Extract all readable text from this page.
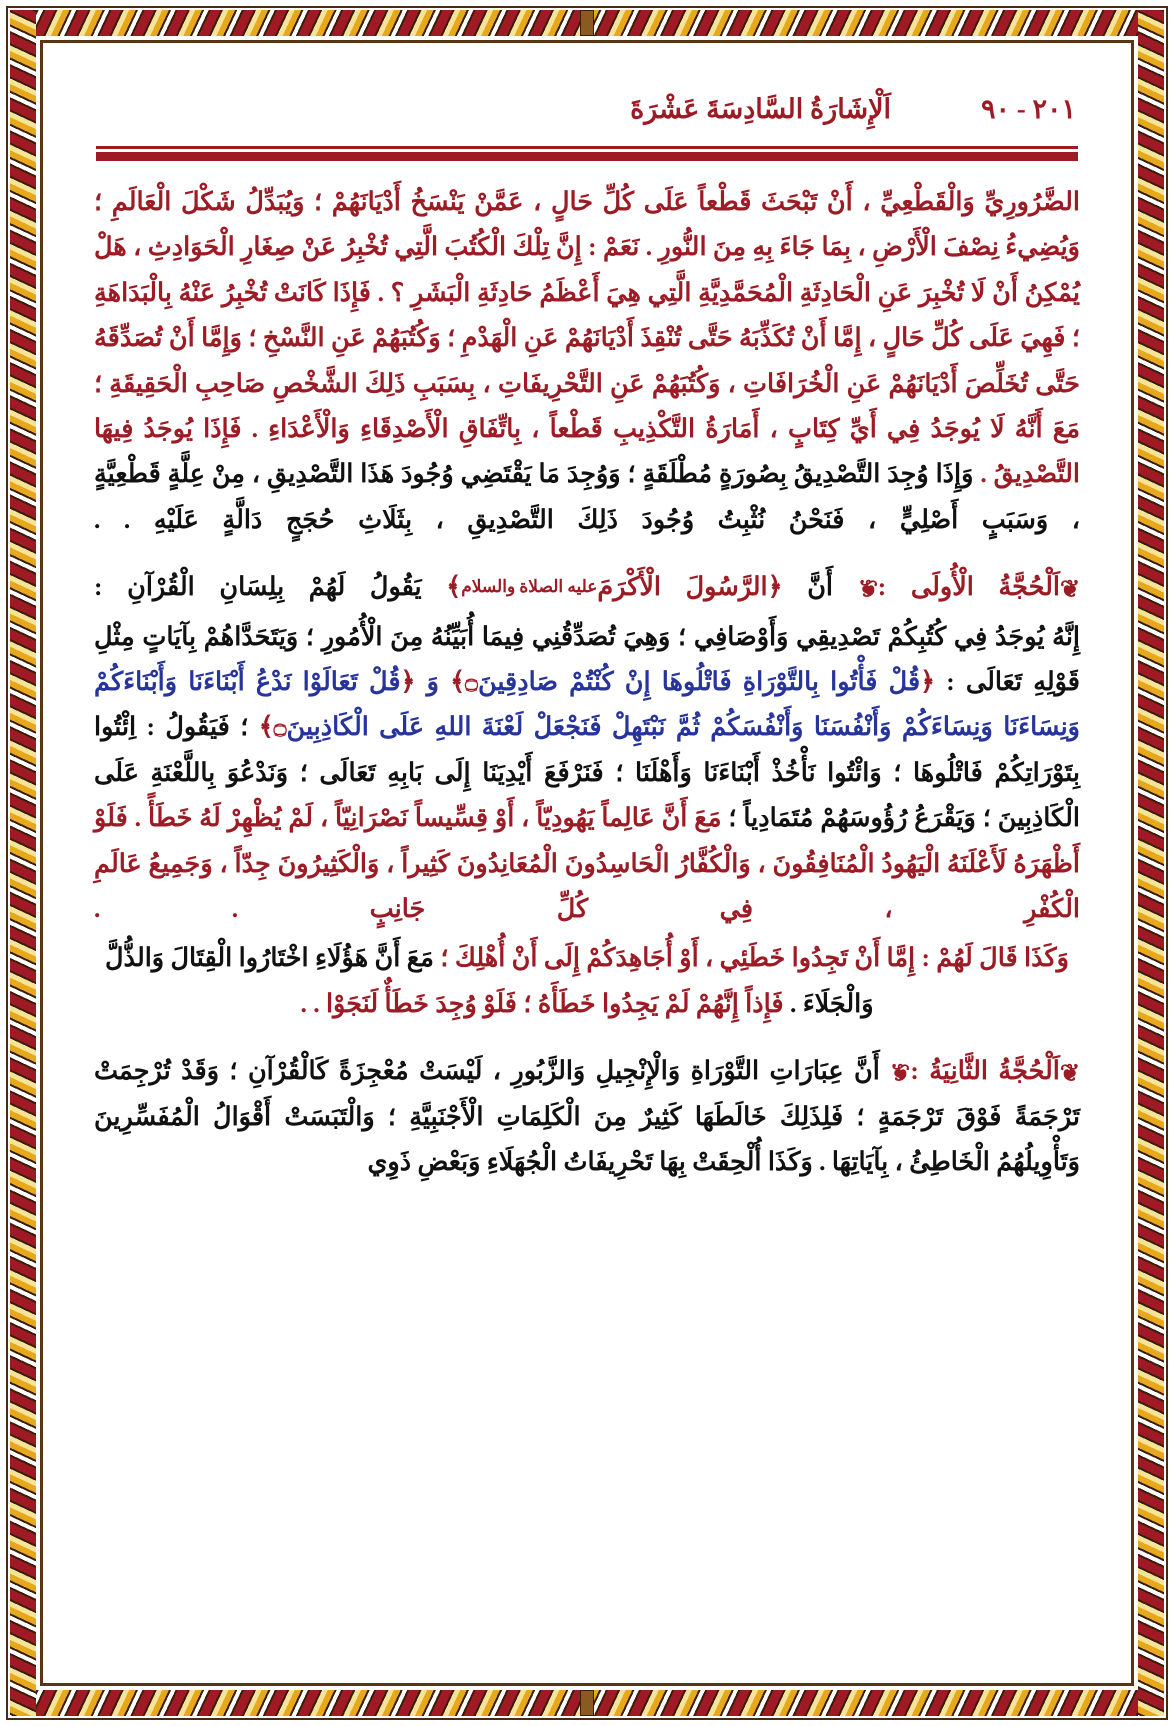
٢٠١ - ٩٠
اَلْإِشَارَةُ السَّادِسَةَ عَشْرَةَ

الضَّرُورِيِّ وَالْقَطْعِيِّ ، أَنْ تَبْحَثَ قَطْعاً عَلَى كُلِّ حَالٍ ، عَمَّنْ يَنْسَخُ أَدْيَانَهُمْ ؛ وَيُبَدِّلُ شَكْلَ الْعَالَمِ ؛ وَيُضِيءُ نِصْفَ الْأَرْضِ ، بِمَا جَاءَ بِهِ مِنَ النُّورِ . نَعَمْ : إِنَّ تِلْكَ الْكُتُبَ الَّتِي تُخْبِرُ عَنْ صِغَارِ الْحَوَادِثِ ، هَلْ يُمْكِنُ أَنْ لَا تُخْبِرَ عَنِ الْحَادِثَةِ الْمُحَمَّدِيَّةِ الَّتِي هِيَ أَعْظَمُ حَادِثَةِ الْبَشَرِ ؟ . فَإِذَا كَانَتْ تُخْبِرُ عَنْهُ بِالْبَدَاهَةِ ؛ فَهِيَ عَلَى كُلِّ حَالٍ ، إِمَّا أَنْ تُكَذِّبَهُ حَتَّى تُنْقِذَ أَدْيَانَهُمْ عَنِ الْهَدْمِ ؛ وَكُتُبَهُمْ عَنِ النَّسْخِ ؛ وَإِمَّا أَنْ تُصَدِّقَهُ حَتَّى تُخَلِّصَ أَدْيَانَهُمْ عَنِ الْخُرَافَاتِ ، وَكُتُبَهُمْ عَنِ التَّحْرِيفَاتِ ، بِسَبَبِ ذَلِكَ الشَّخْصِ صَاحِبِ الْحَقِيقَةِ ؛ مَعَ أَنَّهُ لَا يُوجَدُ فِي أَيِّ كِتَابٍ ، أَمَارَةُ التَّكْذِيبِ قَطْعاً ، بِاتِّفَاقِ الْأَصْدِقَاءِ وَالْأَعْدَاءِ . فَإِذَا يُوجَدُ فِيهَا التَّصْدِيقُ . وَإِذَا وُجِدَ التَّصْدِيقُ بِصُورَةٍ مُطْلَقَةٍ ؛ وَوُجِدَ مَا يَقْتَضِي وُجُودَ هَذَا التَّصْدِيقِ ، مِنْ عِلَّةٍ قَطْعِيَّةٍ ، وَسَبَبٍ أَصْلِيٍّ ، فَنَحْنُ نُثْبِتُ وُجُودَ ذَلِكَ التَّصْدِيقِ ، بِثَلَاثِ حُجَجٍ دَالَّةٍ عَلَيْهِ . .

❦اَلْحُجَّةُ الْأُولَى :❦ أَنَّ ﴿الرَّسُولَ الْأَكْرَمَعليه الصلاة والسلام﴾ يَقُولُ لَهُمْ بِلِسَانِ الْقُرْآنِ :

إِنَّهُ يُوجَدُ فِي كُتُبِكُمْ تَصْدِيقِي وَأَوْصَافِي ؛ وَهِيَ تُصَدِّقُنِي فِيمَا أُبَيِّنُهُ مِنَ الْأُمُورِ ؛ وَيَتَحَدَّاهُمْ بِآيَاتٍ مِثْلِ قَوْلِهِ تَعَالَى : ﴿قُلْ فَأْتُوا بِالتَّوْرَاةِ فَاتْلُوهَا إِنْ كُنْتُمْ صَادِقِينَ۝﴾ وَ ﴿قُلْ تَعَالَوْا نَدْعُ أَبْنَاءَنَا وَأَبْنَاءَكُمْ وَنِسَاءَنَا وَنِسَاءَكُمْ وَأَنْفُسَنَا وَأَنْفُسَكُمْ ثُمَّ نَبْتَهِلْ فَنَجْعَلْ لَعْنَةَ اللهِ عَلَى الْكَاذِبِينَ۝﴾ ؛ فَيَقُولُ : اِئْتُوا بِتَوْرَاتِكُمْ فَاتْلُوهَا ؛ وَائْتُوا نَأْخُذْ أَبْنَاءَنَا وَأَهْلَنَا ؛ فَنَرْفَعَ أَيْدِيَنَا إِلَى بَابِهِ تَعَالَى ؛ وَنَدْعُوَ بِاللَّعْنَةِ عَلَى الْكَاذِبِينَ ؛ وَيَقْرَعُ رُؤُوسَهُمْ مُتَمَادِياً ؛ مَعَ أَنَّ عَالِماً يَهُودِيّاً ، أَوْ قِسِّيساً نَصْرَانِيّاً ، لَمْ يُظْهِرْ لَهُ خَطَأً . فَلَوْ أَظْهَرَهُ لَأَعْلَنَهُ الْيَهُودُ الْمُنَافِقُونَ ، وَالْكُفَّارُ الْحَاسِدُونَ الْمُعَانِدُونَ كَثِيراً ، وَالْكَثِيرُونَ جِدّاً ، وَجَمِيعُ عَالَمِ الْكُفْرِ ، فِي كُلِّ جَانِبٍ . .

وَكَذَا قَالَ لَهُمْ : إِمَّا أَنْ تَجِدُوا خَطَئِي ، أَوْ أُجَاهِدَكُمْ إِلَى أَنْ أُهْلِكَ ؛ مَعَ أَنَّ هَؤُلَاءِ اخْتَارُوا الْقِتَالَ وَالذُّلَّ وَالْجَلَاءَ . فَإِذاً إِنَّهُمْ لَمْ يَجِدُوا خَطَأَهُ ؛ فَلَوْ وُجِدَ خَطَأٌ لَنَجَوْا . .

❦اَلْحُجَّةُ الثَّانِيَةُ :❦ أَنَّ عِبَارَاتِ التَّوْرَاةِ وَالْإِنْجِيلِ وَالزَّبُورِ ، لَيْسَتْ مُعْجِزَةً كَالْقُرْآنِ ؛ وَقَدْ تُرْجِمَتْ تَرْجَمَةً فَوْقَ تَرْجَمَةٍ ؛ فَلِذَلِكَ خَالَطَهَا كَثِيرٌ مِنَ الْكَلِمَاتِ الْأَجْنَبِيَّةِ ؛ وَالْتَبَسَتْ أَقْوَالُ الْمُفَسِّرِينَ وَتَأْوِيلُهُمُ الْخَاطِئُ ، بِآيَاتِهَا . وَكَذَا أُلْحِقَتْ بِهَا تَحْرِيفَاتُ الْجُهَلَاءِ وَبَعْضِ ذَوِي
